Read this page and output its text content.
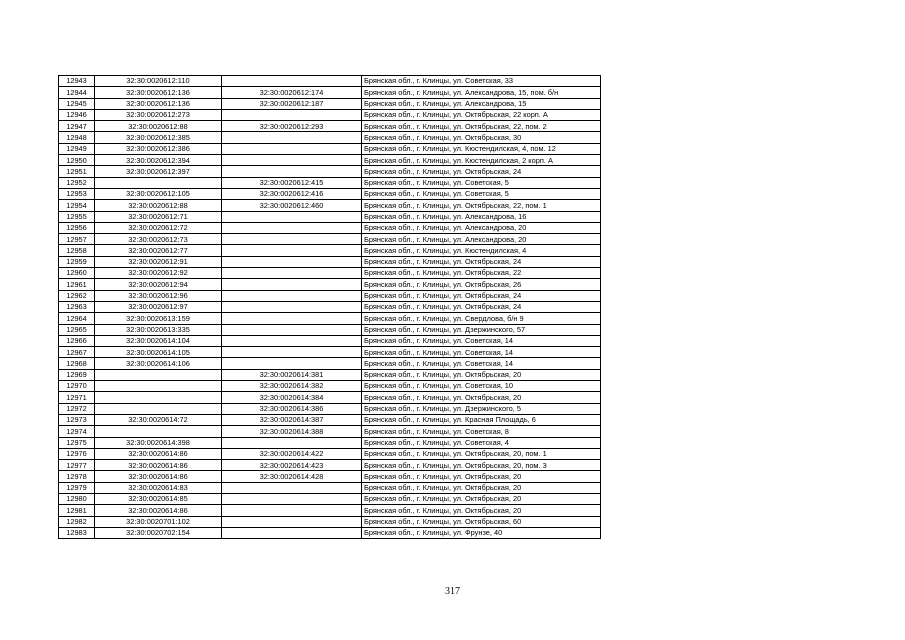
12943	32:30:0020612:110		Брянская обл., г. Клинцы, ул. Советская, 33
12944	32:30:0020612:136	32:30:0020612:174	Брянская обл., г. Клинцы, ул. Александрова, 15, пом. б/н
12945	32:30:0020612:136	32:30:0020612:187	Брянская обл., г. Клинцы, ул. Александрова, 15
12946	32:30:0020612:273		Брянская обл., г. Клинцы, ул. Октябрьская, 22 корп. А
12947	32:30:0020612:88	32:30:0020612:293	Брянская обл., г. Клинцы, ул. Октябрьская, 22, пом. 2
12948	32:30:0020612:385		Брянская обл., г. Клинцы, ул. Октябрьская, 30
12949	32:30:0020612:386		Брянская обл., г. Клинцы, ул. Кюстендилская, 4, пом. 12
12950	32:30:0020612:394		Брянская обл., г. Клинцы, ул. Кюстендилская, 2 корп. А
12951	32:30:0020612:397		Брянская обл., г. Клинцы, ул. Октябрьская, 24
12952		32:30:0020612:415	Брянская обл., г. Клинцы, ул. Советская, 5
12953	32:30:0020612:105	32:30:0020612:416	Брянская обл., г. Клинцы, ул. Советская, 5
12954	32:30:0020612:88	32:30:0020612:460	Брянская обл., г. Клинцы, ул. Октябрьская, 22, пом. 1
12955	32:30:0020612:71		Брянская обл., г. Клинцы, ул. Александрова, 16
12956	32:30:0020612:72		Брянская обл., г. Клинцы, ул. Александрова, 20
12957	32:30:0020612:73		Брянская обл., г. Клинцы, ул. Александрова, 20
12958	32:30:0020612:77		Брянская обл., г. Клинцы, ул. Кюстендилская, 4
12959	32:30:0020612:91		Брянская обл., г. Клинцы, ул. Октябрьская, 24
12960	32:30:0020612:92		Брянская обл., г. Клинцы, ул. Октябрьская, 22
12961	32:30:0020612:94		Брянская обл., г. Клинцы, ул. Октябрьская, 26
12962	32:30:0020612:96		Брянская обл., г. Клинцы, ул. Октябрьская, 24
12963	32:30:0020612:97		Брянская обл., г. Клинцы, ул. Октябрьская, 24
12964	32:30:0020613:159		Брянская обл., г. Клинцы, ул. Свердлова, б/н 9
12965	32:30:0020613:335		Брянская обл., г. Клинцы, ул. Дзержинского, 57
12966	32:30:0020614:104		Брянская обл., г. Клинцы, ул. Советская, 14
12967	32:30:0020614:105		Брянская обл., г. Клинцы, ул. Советская, 14
12968	32:30:0020614:106		Брянская обл., г. Клинцы, ул. Советская, 14
12969		32:30:0020614:381	Брянская обл., г. Клинцы, ул. Октябрьская, 20
12970		32:30:0020614:382	Брянская обл., г. Клинцы, ул. Советская, 10
12971		32:30:0020614:384	Брянская обл., г. Клинцы, ул. Октябрьская, 20
12972		32:30:0020614:386	Брянская обл., г. Клинцы, ул. Дзержинского, 5
12973	32:30:0020614:72	32:30:0020614:387	Брянская обл., г. Клинцы, ул. Красная Площадь, 6
12974		32:30:0020614:388	Брянская обл., г. Клинцы, ул. Советская, 8
12975	32:30:0020614:398		Брянская обл., г. Клинцы, ул. Советская, 4
12976	32:30:0020614:86	32:30:0020614:422	Брянская обл., г. Клинцы, ул. Октябрьская, 20, пом. 1
12977	32:30:0020614:86	32:30:0020614:423	Брянская обл., г. Клинцы, ул. Октябрьская, 20, пом. 3
12978	32:30:0020614:86	32:30:0020614:428	Брянская обл., г. Клинцы, ул. Октябрьская, 20
12979	32:30:0020614:83		Брянская обл., г. Клинцы, ул. Октябрьская, 20
12980	32:30:0020614:85		Брянская обл., г. Клинцы, ул. Октябрьская, 20
12981	32:30:0020614:86		Брянская обл., г. Клинцы, ул. Октябрьская, 20
12982	32:30:0020701:102		Брянская обл., г. Клинцы, ул. Октябрьская, 60
12983	32:30:0020702:154		Брянская обл., г. Клинцы, ул. Фрунзе, 40
317
